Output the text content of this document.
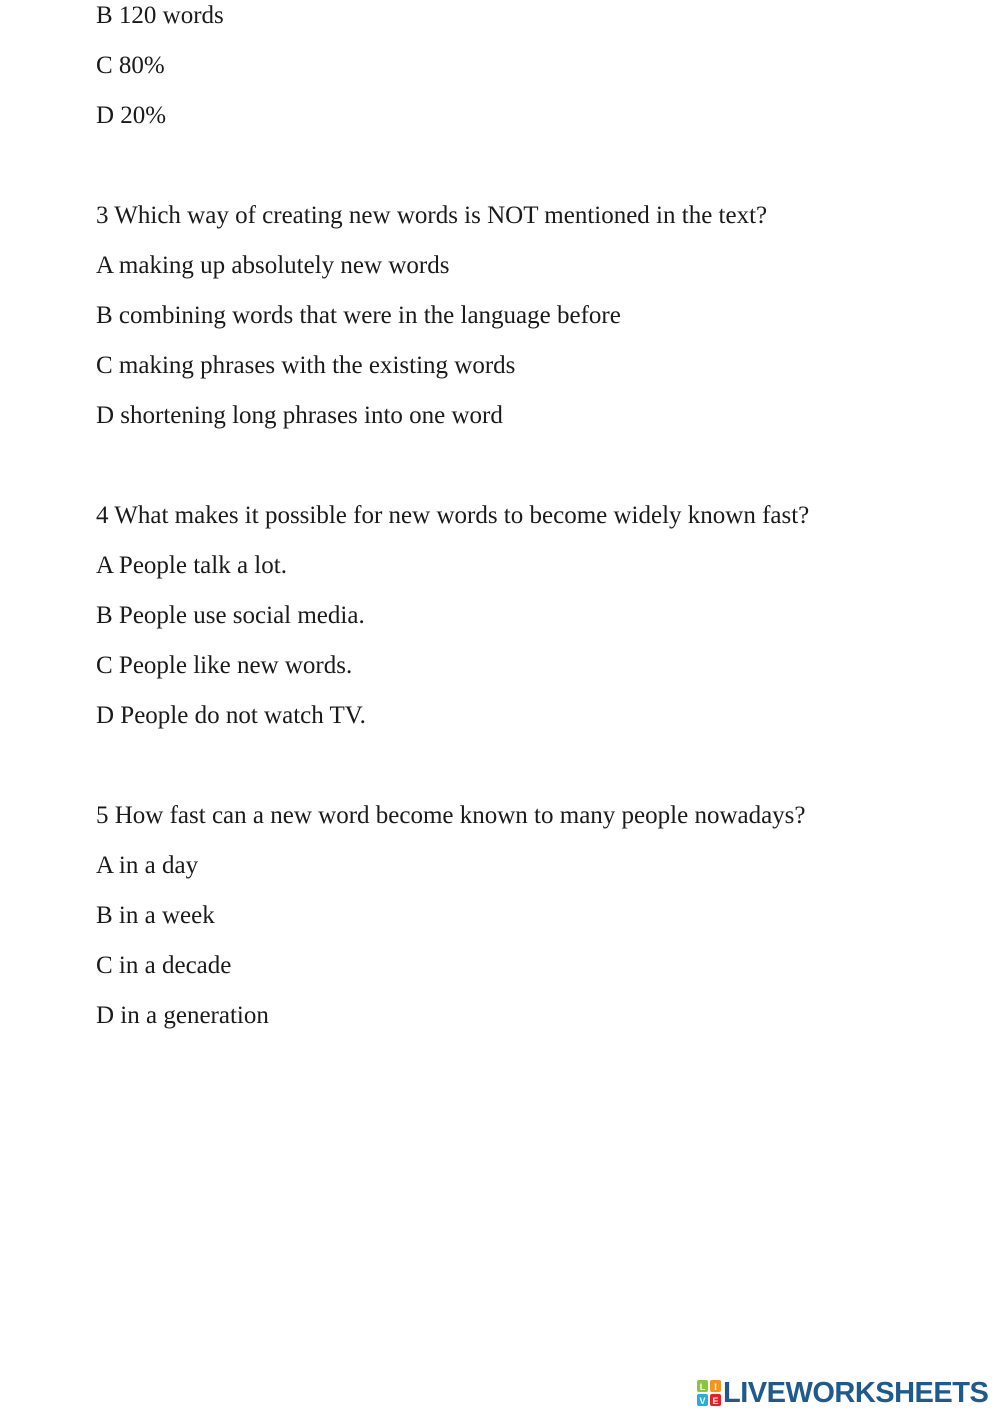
B 120 words
C 80%
D 20%
3 Which way of creating new words is NOT mentioned in the text?
A making up absolutely new words
B combining words that were in the language before
C making phrases with the existing words
D shortening long phrases into one word
4 What makes it possible for new words to become widely known fast?
A People talk a lot.
B People use social media.
C People like new words.
D People do not watch TV.
5 How fast can a new word become known to many people nowadays?
A in a day
B in a week
C in a decade
D in a generation
L I
V E LIVEWORKSHEETS
